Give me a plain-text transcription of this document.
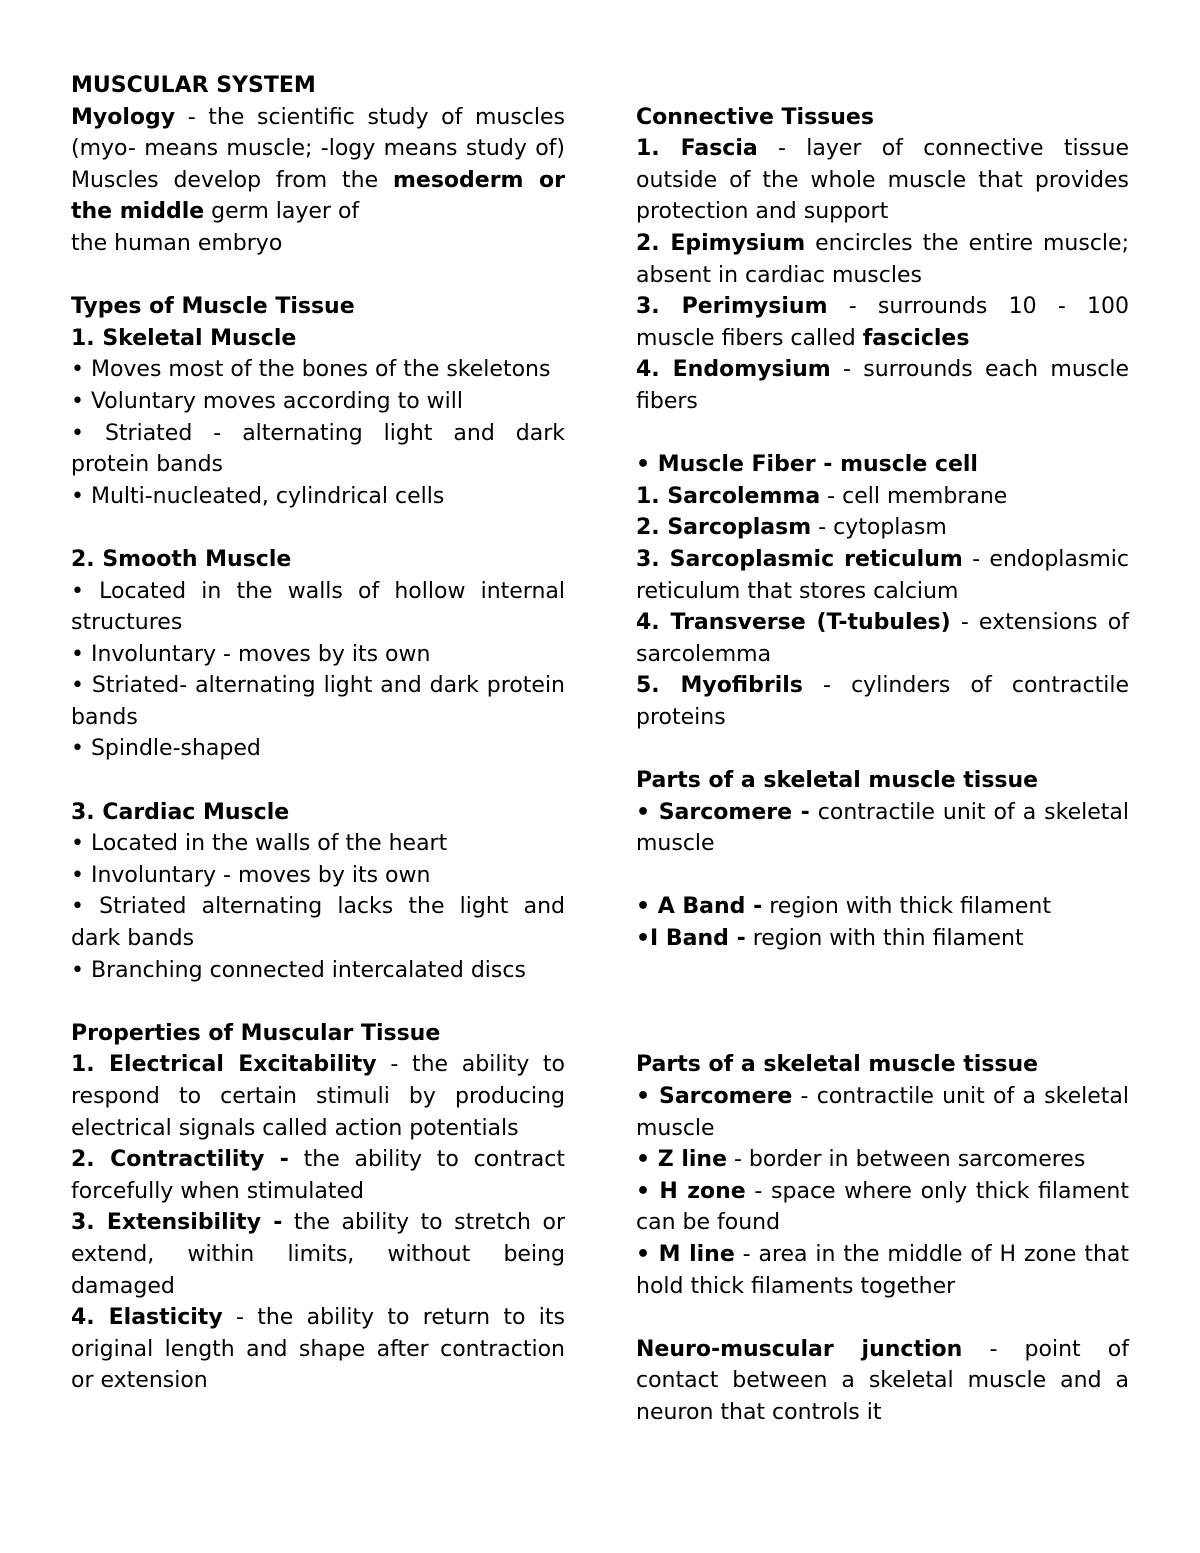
MUSCULAR SYSTEM

Myology - the scientific study of muscles (myo- means muscle; -logy means study of) Muscles develop from the mesoderm or the middle germ layer of

the human embryo

Types of Muscle Tissue

1. Skeletal Muscle

• Moves most of the bones of the skeletons

• Voluntary moves according to will

• Striated - alternating light and dark protein bands

• Multi-nucleated, cylindrical cells

2. Smooth Muscle

• Located in the walls of hollow internal structures

• Involuntary - moves by its own

• Striated- alternating light and dark protein bands

• Spindle-shaped

3. Cardiac Muscle

• Located in the walls of the heart

• Involuntary - moves by its own

• Striated alternating lacks the light and dark bands

• Branching connected intercalated discs

Properties of Muscular Tissue

1. Electrical Excitability - the ability to respond to certain stimuli by producing electrical signals called action potentials

2. Contractility - the ability to contract forcefully when stimulated

3. Extensibility - the ability to stretch or extend, within limits, without being damaged

4. Elasticity - the ability to return to its original length and shape after contraction or extension

Connective Tissues

1. Fascia - layer of connective tissue outside of the whole muscle that provides protection and support

2. Epimysium encircles the entire muscle; absent in cardiac muscles

3. Perimysium - surrounds 10 - 100 muscle fibers called fascicles

4. Endomysium - surrounds each muscle fibers

• Muscle Fiber - muscle cell

1. Sarcolemma - cell membrane

2. Sarcoplasm - cytoplasm

3. Sarcoplasmic reticulum - endoplasmic reticulum that stores calcium

4. Transverse (T-tubules) - extensions of sarcolemma

5. Myofibrils - cylinders of contractile proteins

Parts of a skeletal muscle tissue

• Sarcomere - contractile unit of a skeletal muscle

• A Band - region with thick filament

•I Band - region with thin filament

Parts of a skeletal muscle tissue

• Sarcomere - contractile unit of a skeletal muscle

• Z line - border in between sarcomeres

• H zone - space where only thick filament can be found

• M line - area in the middle of H zone that hold thick filaments together

Neuro-muscular junction - point of contact between a skeletal muscle and a neuron that controls it
